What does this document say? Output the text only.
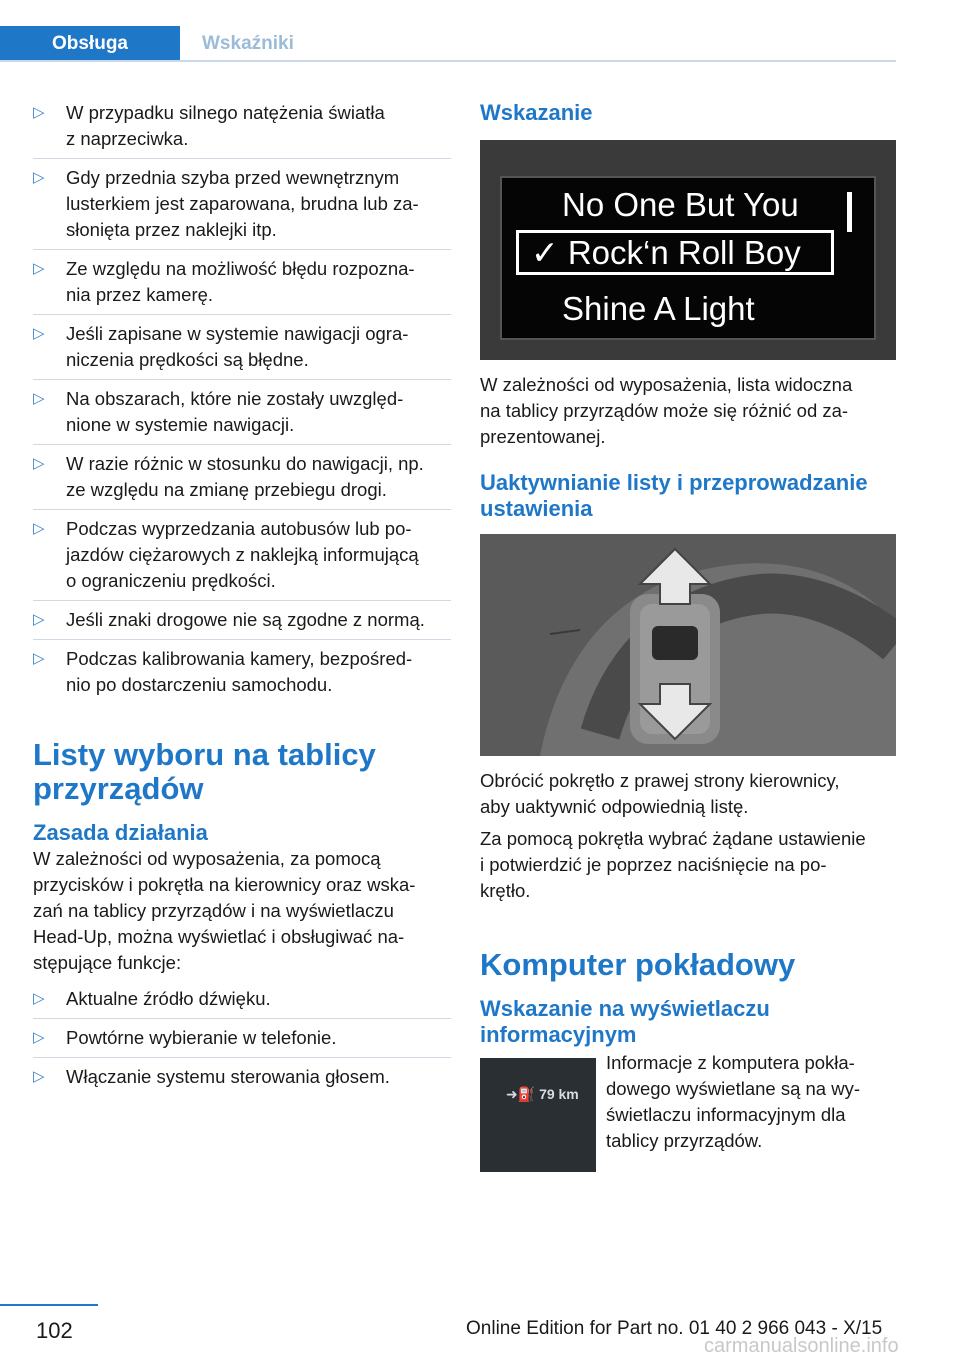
Obsługa	Wskaźniki
▷ W przypadku silnego natężenia światła
z naprzeciwka.
▷ Gdy przednia szyba przed wewnętrznym
lusterkiem jest zaparowana, brudna lub za-
słonięta przez naklejki itp.
▷ Ze względu na możliwość błędu rozpozna-
nia przez kamerę.
▷ Jeśli zapisane w systemie nawigacji ogra-
niczenia prędkości są błędne.
▷ Na obszarach, które nie zostały uwzględ-
nione w systemie nawigacji.
▷ W razie różnic w stosunku do nawigacji, np.
ze względu na zmianę przebiegu drogi.
▷ Podczas wyprzedzania autobusów lub po-
jazdów ciężarowych z naklejką informującą
o ograniczeniu prędkości.
▷ Jeśli znaki drogowe nie są zgodne z normą.
▷ Podczas kalibrowania kamery, bezpośred-
nio po dostarczeniu samochodu.
Listy wyboru na tablicy
przyrządów
Zasada działania

W zależności od wyposażenia, za pomocą
przycisków i pokrętła na kierownicy oraz wska-
zań na tablicy przyrządów i na wyświetlaczu
Head-Up, można wyświetlać i obsługiwać na-
stępujące funkcje:

▷ Aktualne źródło dźwięku.
▷ Powtórne wybieranie w telefonie.
▷ Włączanie systemu sterowania głosem.
Wskazanie
No One But You
✓ Rock‘n Roll Boy
Shine A Light

W zależności od wyposażenia, lista widoczna
na tablicy przyrządów może się różnić od za-
prezentowanej.

Uaktywnianie listy i przeprowadzanie
ustawienia

Obrócić pokrętło z prawej strony kierownicy,
aby uaktywnić odpowiednią listę.

Za pomocą pokrętła wybrać żądane ustawienie
i potwierdzić je poprzez naciśnięcie na po-
krętło.

Komputer pokładowy
Wskazanie na wyświetlaczu
informacyjnym
➜⛽ 79 km

Informacje z komputera pokła-
dowego wyświetlane są na wy-
świetlaczu informacyjnym dla
tablicy przyrządów.

102	Online Edition for Part no. 01 40 2 966 043 - X/15
carmanualsonline.info
